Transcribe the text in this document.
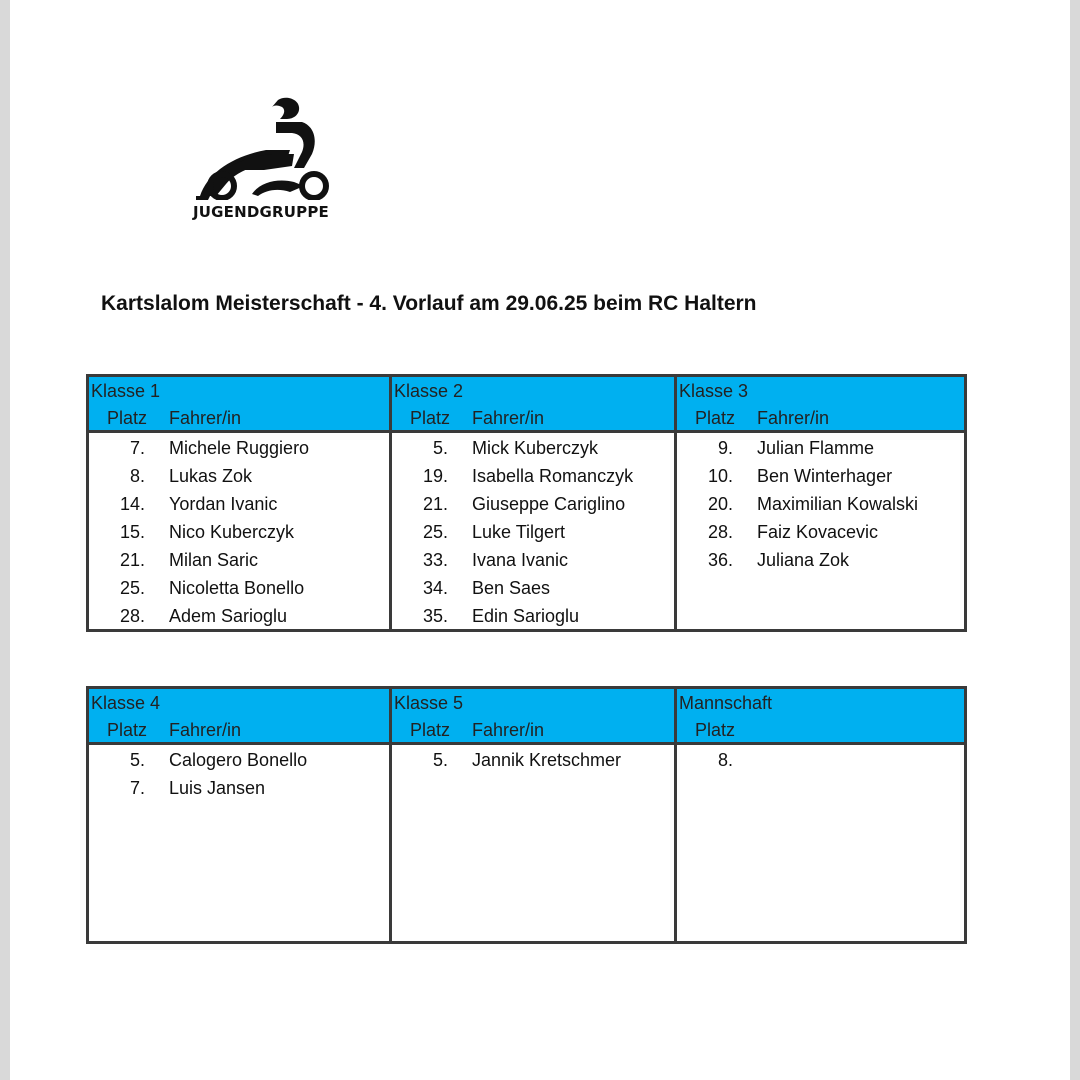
JUGENDGRUPPE
Kartslalom Meisterschaft - 4. Vorlauf am 29.06.25 beim RC Haltern
Klasse 1
Platz Fahrer/in
7. Michele Ruggiero
8. Lukas Zok
14. Yordan Ivanic
15. Nico Kuberczyk
21. Milan Saric
25. Nicoletta Bonello
28. Adem Sarioglu
Klasse 2
Platz Fahrer/in
5. Mick Kuberczyk
19. Isabella Romanczyk
21. Giuseppe Cariglino
25. Luke Tilgert
33. Ivana Ivanic
34. Ben Saes
35. Edin Sarioglu
Klasse 3
Platz Fahrer/in
9. Julian Flamme
10. Ben Winterhager
20. Maximilian Kowalski
28. Faiz Kovacevic
36. Juliana Zok
Klasse 4
Platz Fahrer/in
5. Calogero Bonello
7. Luis Jansen
Klasse 5
Platz Fahrer/in
5. Jannik Kretschmer
Mannschaft
Platz
8.
